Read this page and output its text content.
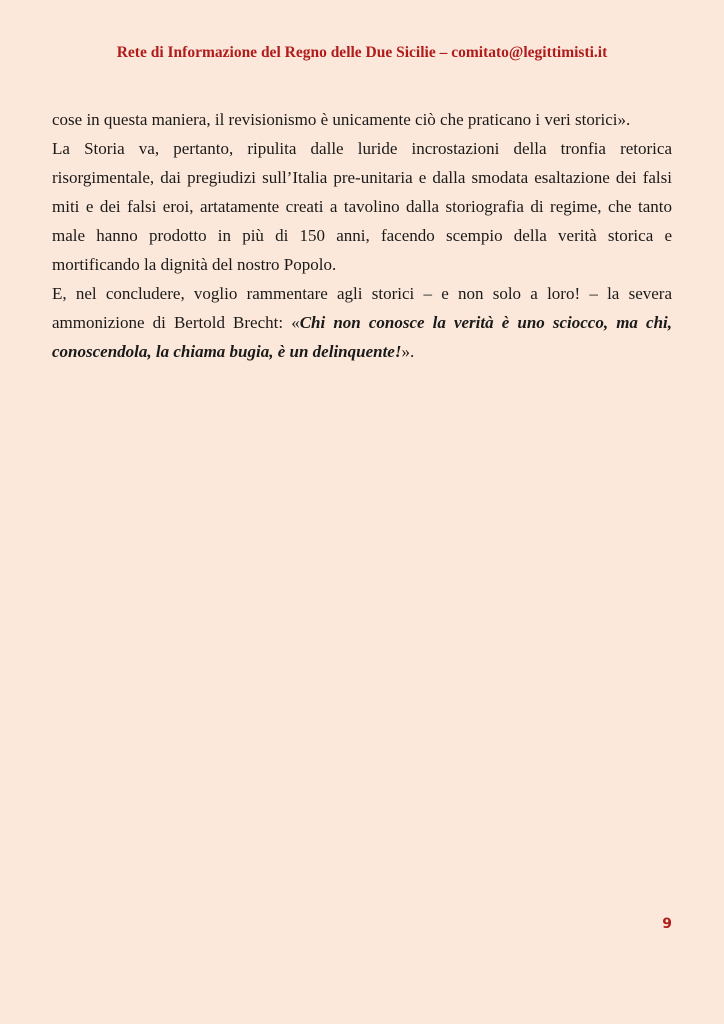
Rete di Informazione del Regno delle Due Sicilie – comitato@legittimisti.it

cose in questa maniera, il revisionismo è unicamente ciò che praticano i veri storici».

La Storia va, pertanto, ripulita dalle luride incrostazioni della tronfia retorica risorgimentale, dai pregiudizi sull’Italia pre-unitaria e dalla smodata esaltazione dei falsi miti e dei falsi eroi, artatamente creati a tavolino dalla storiografia di regime, che tanto male hanno prodotto in più di 150 anni, facendo scempio della verità storica e mortificando la dignità del nostro Popolo.

E, nel concludere, voglio rammentare agli storici – e non solo a loro! – la severa ammonizione di Bertold Brecht: «Chi non conosce la verità è uno sciocco, ma chi, conoscendola, la chiama bugia, è un delinquente!».

9
